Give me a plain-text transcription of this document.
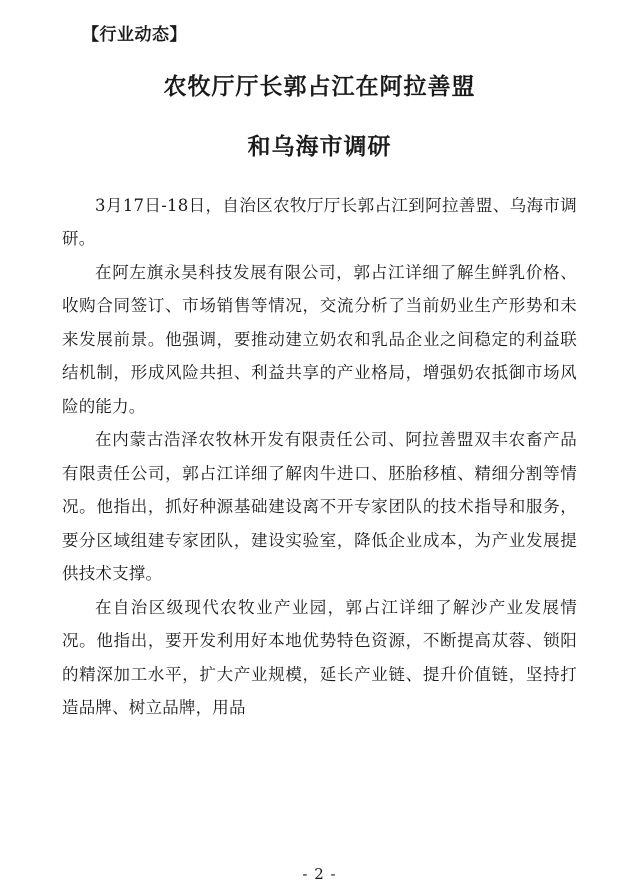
【行业动态】
农牧厅厅长郭占江在阿拉善盟
和乌海市调研

3月17日-18日，自治区农牧厅厅长郭占江到阿拉善盟、乌海市调研。

在阿左旗永昊科技发展有限公司，郭占江详细了解生鲜乳价格、收购合同签订、市场销售等情况，交流分析了当前奶业生产形势和未来发展前景。他强调，要推动建立奶农和乳品企业之间稳定的利益联结机制，形成风险共担、利益共享的产业格局，增强奶农抵御市场风险的能力。

在内蒙古浩泽农牧林开发有限责任公司、阿拉善盟双丰农畜产品有限责任公司，郭占江详细了解肉牛进口、胚胎移植、精细分割等情况。他指出，抓好种源基础建设离不开专家团队的技术指导和服务，要分区域组建专家团队，建设实验室，降低企业成本，为产业发展提供技术支撑。

在自治区级现代农牧业产业园，郭占江详细了解沙产业发展情况。他指出，要开发利用好本地优势特色资源，不断提高苁蓉、锁阳的精深加工水平，扩大产业规模，延长产业链、提升价值链，坚持打造品牌、树立品牌，用品

- 2 -
